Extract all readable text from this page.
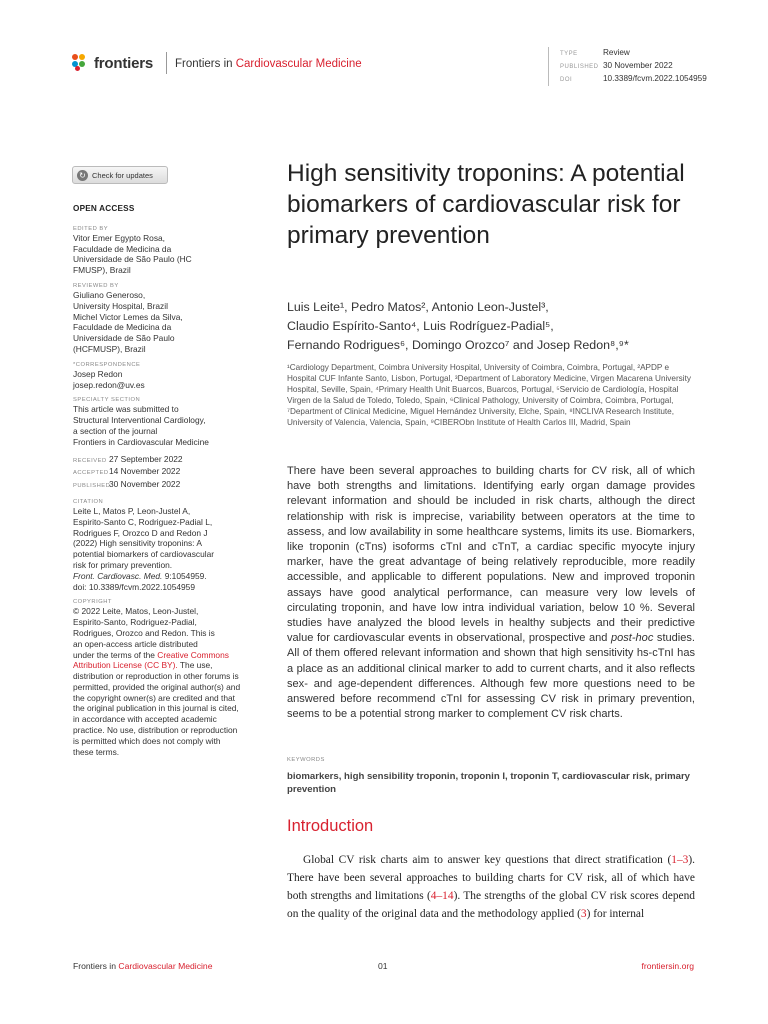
frontiers Frontiers in Cardiovascular Medicine
TYPE	Review
PUBLISHED 30 November 2022
DOI	10.3389/fcvm.2022.1054959
↻ Check for updates
OPEN ACCESS
EDITED BY

Vitor Emer Egypto Rosa,
Faculdade de Medicina da
Universidade de São Paulo (HC
FMUSP), Brazil

REVIEWED BY

Giuliano Generoso,
University Hospital, Brazil
Michel Victor Lemes da Silva,
Faculdade de Medicina da
Universidade de São Paulo
(HCFMUSP), Brazil

*CORRESPONDENCE

Josep Redon
josep.redon@uv.es

SPECIALTY SECTION

This article was submitted to
Structural Interventional Cardiology,
a section of the journal
Frontiers in Cardiovascular Medicine

RECEIVED 27 September 2022
ACCEPTED14 November 2022
PUBLISHED30 November 2022
CITATION

Leite L, Matos P, Leon-Justel A,
Espirito-Santo C, Rodriguez-Padial L,
Rodrigues F, Orozco D and Redon J
(2022) High sensitivity troponins: A
potential biomarkers of cardiovascular
risk for primary prevention.
Front. Cardiovasc. Med. 9:1054959.
doi: 10.3389/fcvm.2022.1054959

COPYRIGHT

© 2022 Leite, Matos, Leon-Justel,
Espirito-Santo, Rodriguez-Padial,
Rodrigues, Orozco and Redon. This is
an open-access article distributed
under the terms of the Creative Commons Attribution License (CC BY). The use, distribution or reproduction in other forums is permitted, provided the original author(s) and the copyright owner(s) are credited and that the original publication in this journal is cited, in accordance with accepted academic practice. No use, distribution or reproduction is permitted which does not comply with these terms.

High sensitivity troponins: A potential biomarkers of cardiovascular risk for primary prevention
Luis Leite¹, Pedro Matos², Antonio Leon-Justel³,
Claudio Espírito-Santo⁴, Luis Rodríguez-Padial⁵,
Fernando Rodrigues⁶, Domingo Orozco⁷ and Josep Redon⁸,⁹*
¹Cardiology Department, Coimbra University Hospital, University of Coimbra, Coimbra, Portugal, ²APDP e Hospital CUF Infante Santo, Lisbon, Portugal, ³Department of Laboratory Medicine, Virgen Macarena University Hospital, Seville, Spain, ⁴Primary Health Unit Buarcos, Buarcos, Portugal, ⁵Servicio de Cardiología, Hospital Virgen de la Salud de Toledo, Toledo, Spain, ⁶Clinical Pathology, University of Coimbra, Coimbra, Portugal, ⁷Department of Clinical Medicine, Miguel Hernández University, Elche, Spain, ⁸INCLIVA Research Institute, University of Valencia, Valencia, Spain, ⁹CIBERObn Institute of Health Carlos III, Madrid, Spain

There have been several approaches to building charts for CV risk, all of which have both strengths and limitations. Identifying early organ damage provides relevant information and should be included in risk charts, although the direct relationship with risk is imprecise, variability between operators at the time to assess, and low availability in some healthcare systems, limits its use. Biomarkers, like troponin (cTns) isoforms cTnI and cTnT, a cardiac specific myocyte injury marker, have the great advantage of being relatively reproducible, more readily accessible, and applicable to different populations. New and improved troponin assays have good analytical performance, can measure very low levels of circulating troponin, and have low intra individual variation, below 10 %. Several studies have analyzed the blood levels in healthy subjects and their predictive value for cardiovascular events in observational, prospective and post-hoc studies. All of them offered relevant information and shown that high sensitivity hs-cTnI has a place as an additional clinical marker to add to current charts, and it also reflects sex- and age-dependent differences. Although few more questions need to be answered before recommend cTnI for assessing CV risk in primary prevention, seems to be a potential strong marker to complement CV risk charts.

KEYWORDS
biomarkers, high sensibility troponin, troponin I, troponin T, cardiovascular risk, primary prevention
Introduction

Global CV risk charts aim to answer key questions that direct stratification (1–3). There have been several approaches to building charts for CV risk, all of which have both strengths and limitations (4–14). The strengths of the global CV risk scores depend on the quality of the original data and the methodology applied (3) for internal

Frontiers in Cardiovascular Medicine	01	frontiersin.org
